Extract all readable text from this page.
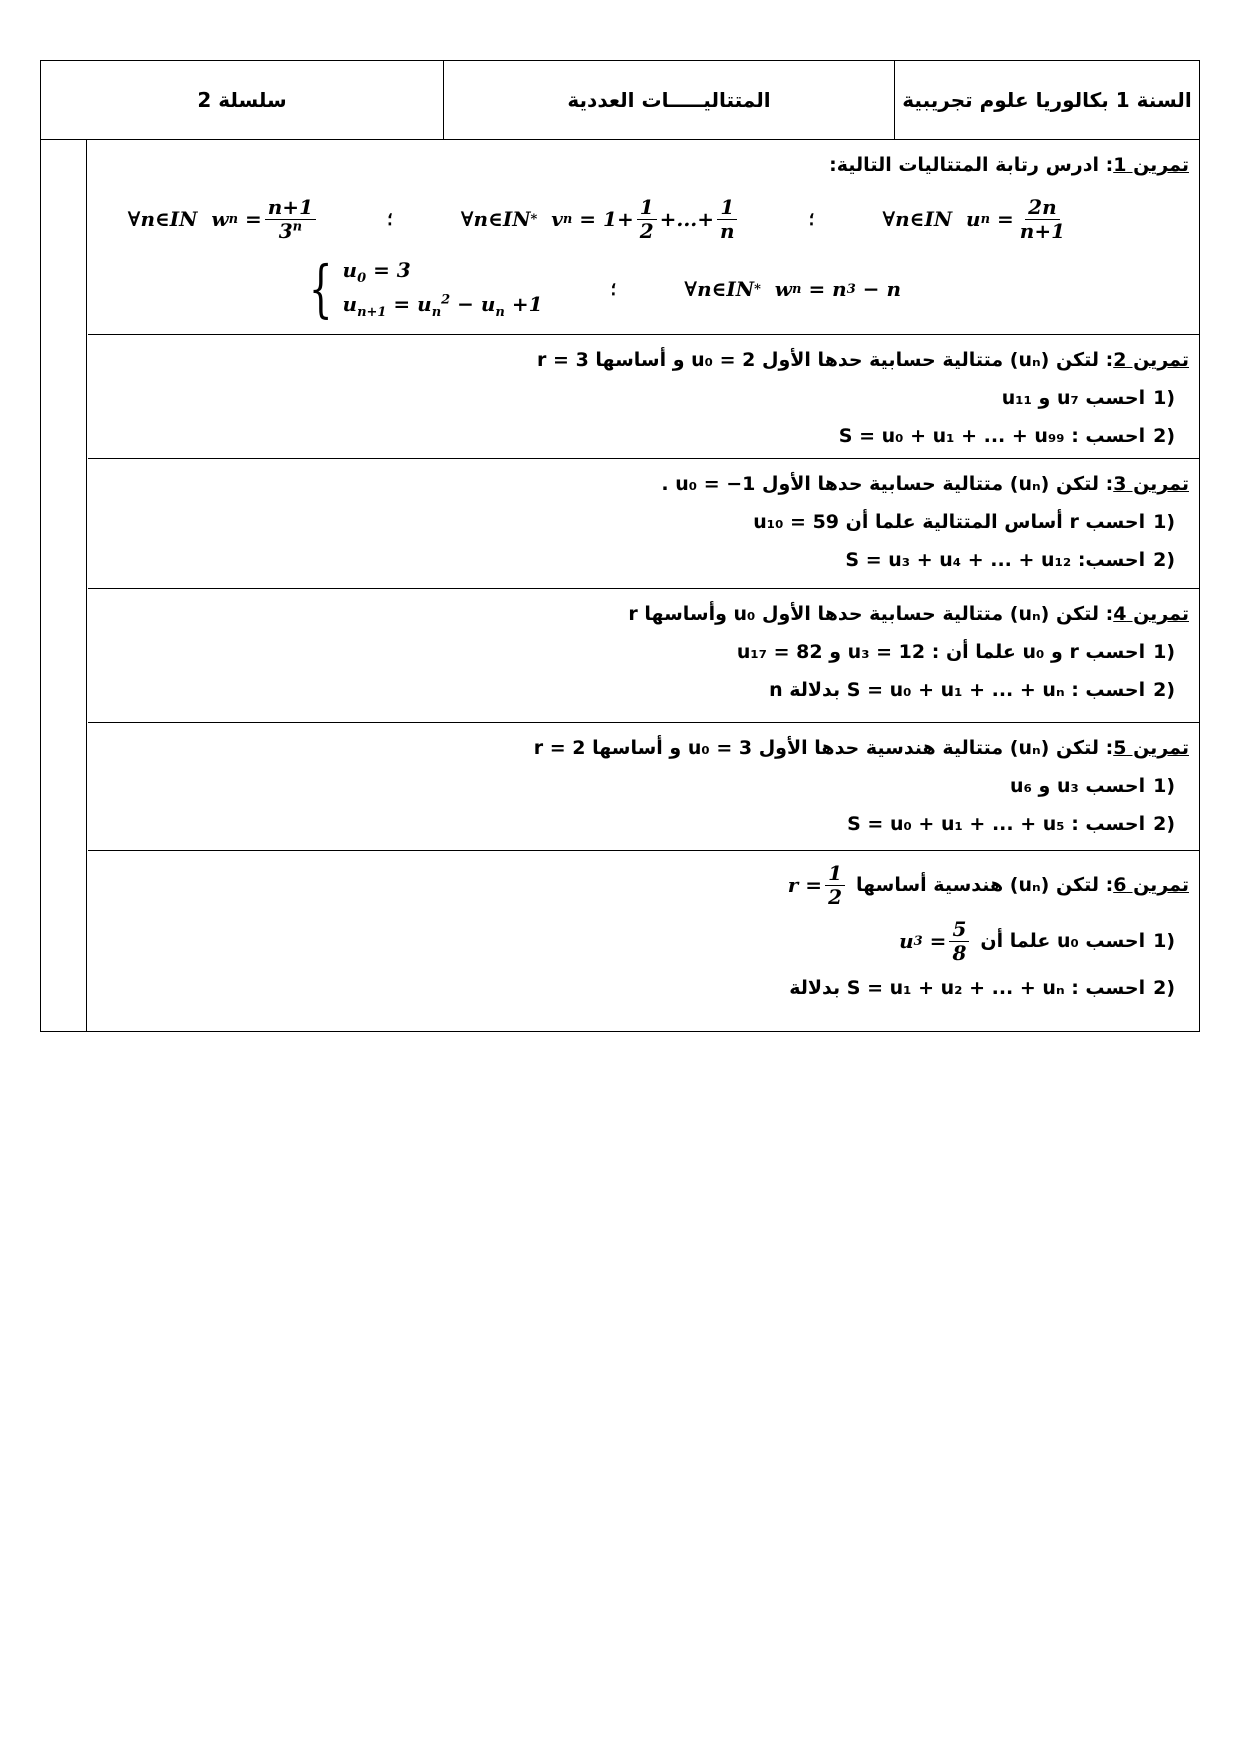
سلسلة 2	المتتاليـــــات العددية	السنة 1 بكالوريا علوم تجريبية
تمرين 1
: ادرس رتابة المتتاليات التالية:
∀n∈IN  w $n = \frac{n+1}{3^n}$	؛	∀n∈IN * v $n = 1+ \frac{1}{2}$ +...+ $\frac{1}{n}$	؛	∀n∈IN  u $n = \frac{2n}{n+1}$
{ $u_0 = 3$
$u_{n+1} = u_n^2 - u_n +1$
؛	∀n∈IN * w n = n 3 − n
تمرين 2
: لتكن (uₙ) متتالية حسابية حدها الأول u₀ = 2 و أساسها r = 3
1)
احسب u₇ و u₁₁
2)
احسب : S = u₀ + u₁ + ... + u₉₉
تمرين 3
: لتكن (uₙ) متتالية حسابية حدها الأول u₀ = −1 .
1)
احسب r أساس المتتالية علما أن u₁₀ = 59
2)
احسب: S = u₃ + u₄ + ... + u₁₂
تمرين 4
: لتكن (uₙ) متتالية حسابية حدها الأول u₀ وأساسها r
1)
احسب r و u₀ علما أن : u₃ = 12 و u₁₇ = 82
2)
احسب : S = u₀ + u₁ + ... + uₙ بدلالة n
تمرين 5
: لتكن (uₙ) متتالية هندسية حدها الأول u₀ = 3 و أساسها r = 2
1)
احسب u₃ و u₆
2)
احسب : S = u₀ + u₁ + ... + u₅
تمرين 6
: لتكن (uₙ) هندسية أساسها
$r = \frac{1}{2}$
1)
احسب u₀ علما أن
u $3 = \frac{5}{8}$
2)
احسب : S = u₁ + u₂ + ... + uₙ بدلالة
